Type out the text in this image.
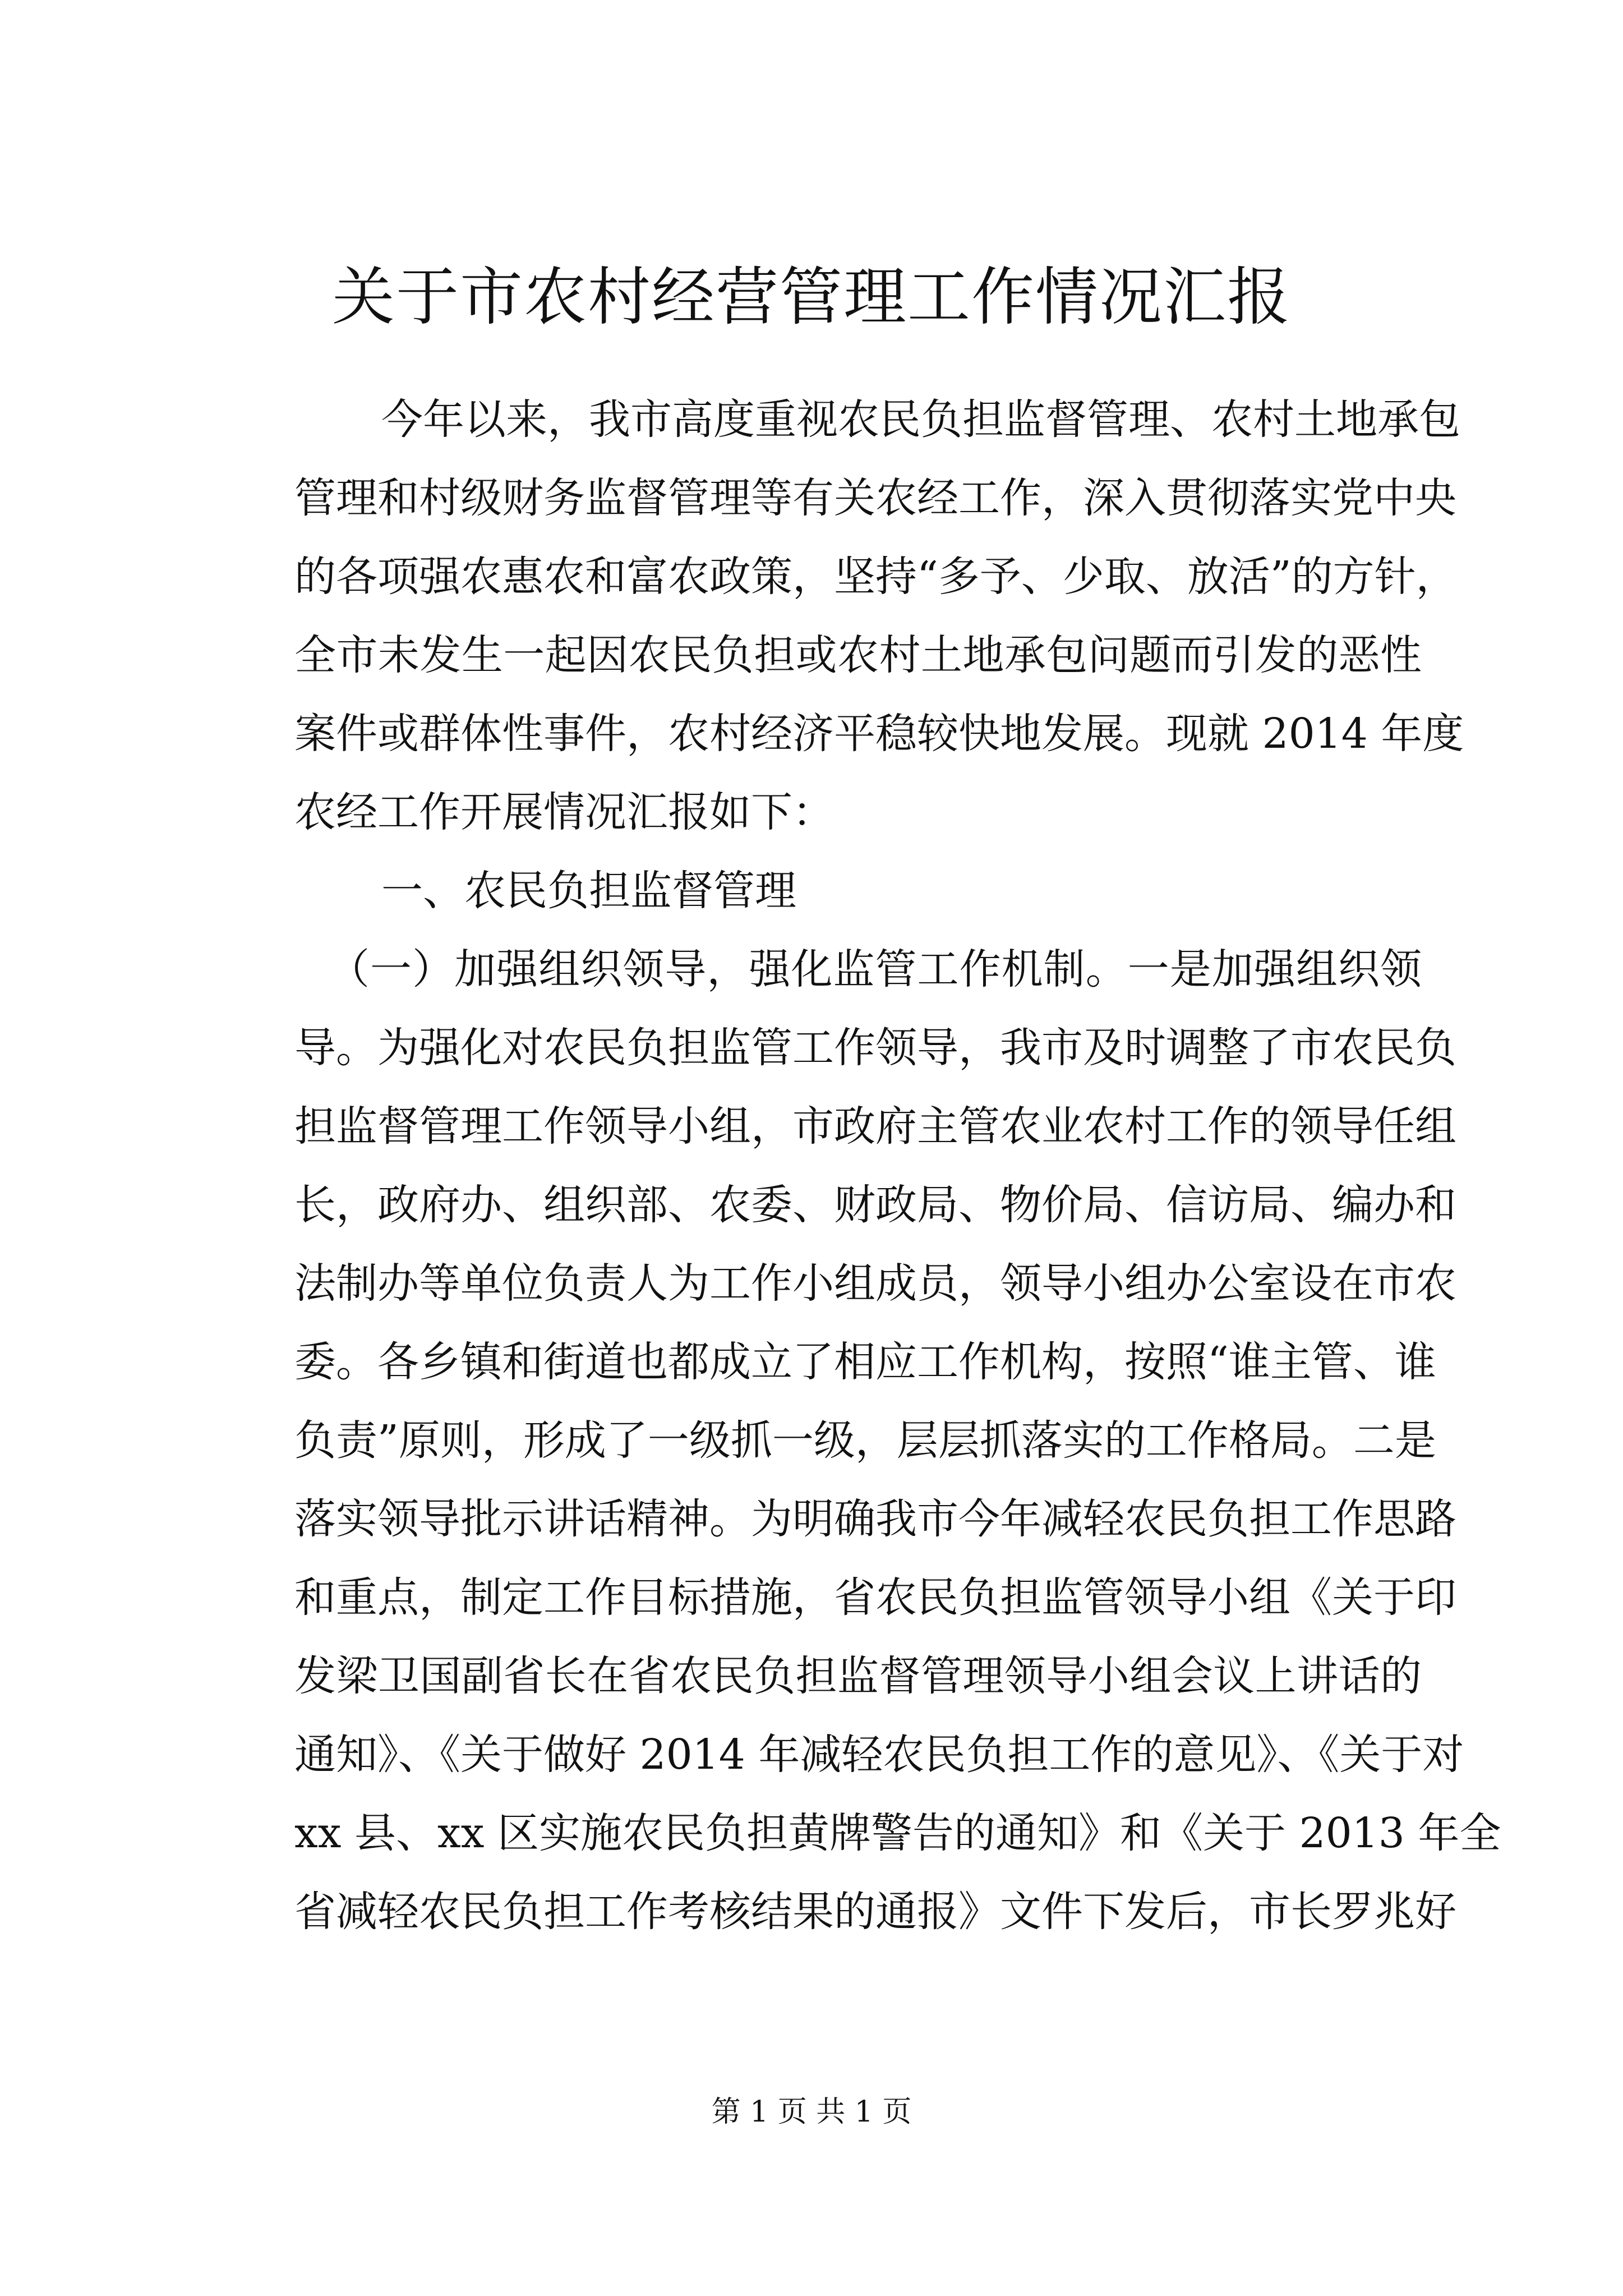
关于市农村经营管理工作情况汇报
今年以来，我市高度重视农民负担监督管理、农村土地承包
管理和村级财务监督管理等有关农经工作，深入贯彻落实党中央
的各项强农惠农和富农政策，坚持“多予、少取、放活”的方针，
全市未发生一起因农民负担或农村土地承包问题而引发的恶性
案件或群体性事件，农村经济平稳较快地发展。现就 2014 年度
农经工作开展情况汇报如下：
一、农民负担监督管理
（一）加强组织领导，强化监管工作机制。一是加强组织领
导。为强化对农民负担监管工作领导，我市及时调整了市农民负
担监督管理工作领导小组，市政府主管农业农村工作的领导任组
长，政府办、组织部、农委、财政局、物价局、信访局、编办和
法制办等单位负责人为工作小组成员，领导小组办公室设在市农
委。各乡镇和街道也都成立了相应工作机构，按照“谁主管、谁
负责”原则，形成了一级抓一级，层层抓落实的工作格局。二是
落实领导批示讲话精神。为明确我市今年减轻农民负担工作思路
和重点，制定工作目标措施，省农民负担监管领导小组《关于印
发梁卫国副省长在省农民负担监督管理领导小组会议上讲话的
通知》、《关于做好 2014 年减轻农民负担工作的意见》、《关于对
xx 县、xx 区实施农民负担黄牌警告的通知》和《关于 2013 年全
省减轻农民负担工作考核结果的通报》文件下发后，市长罗兆好
第 1 页 共 1 页
